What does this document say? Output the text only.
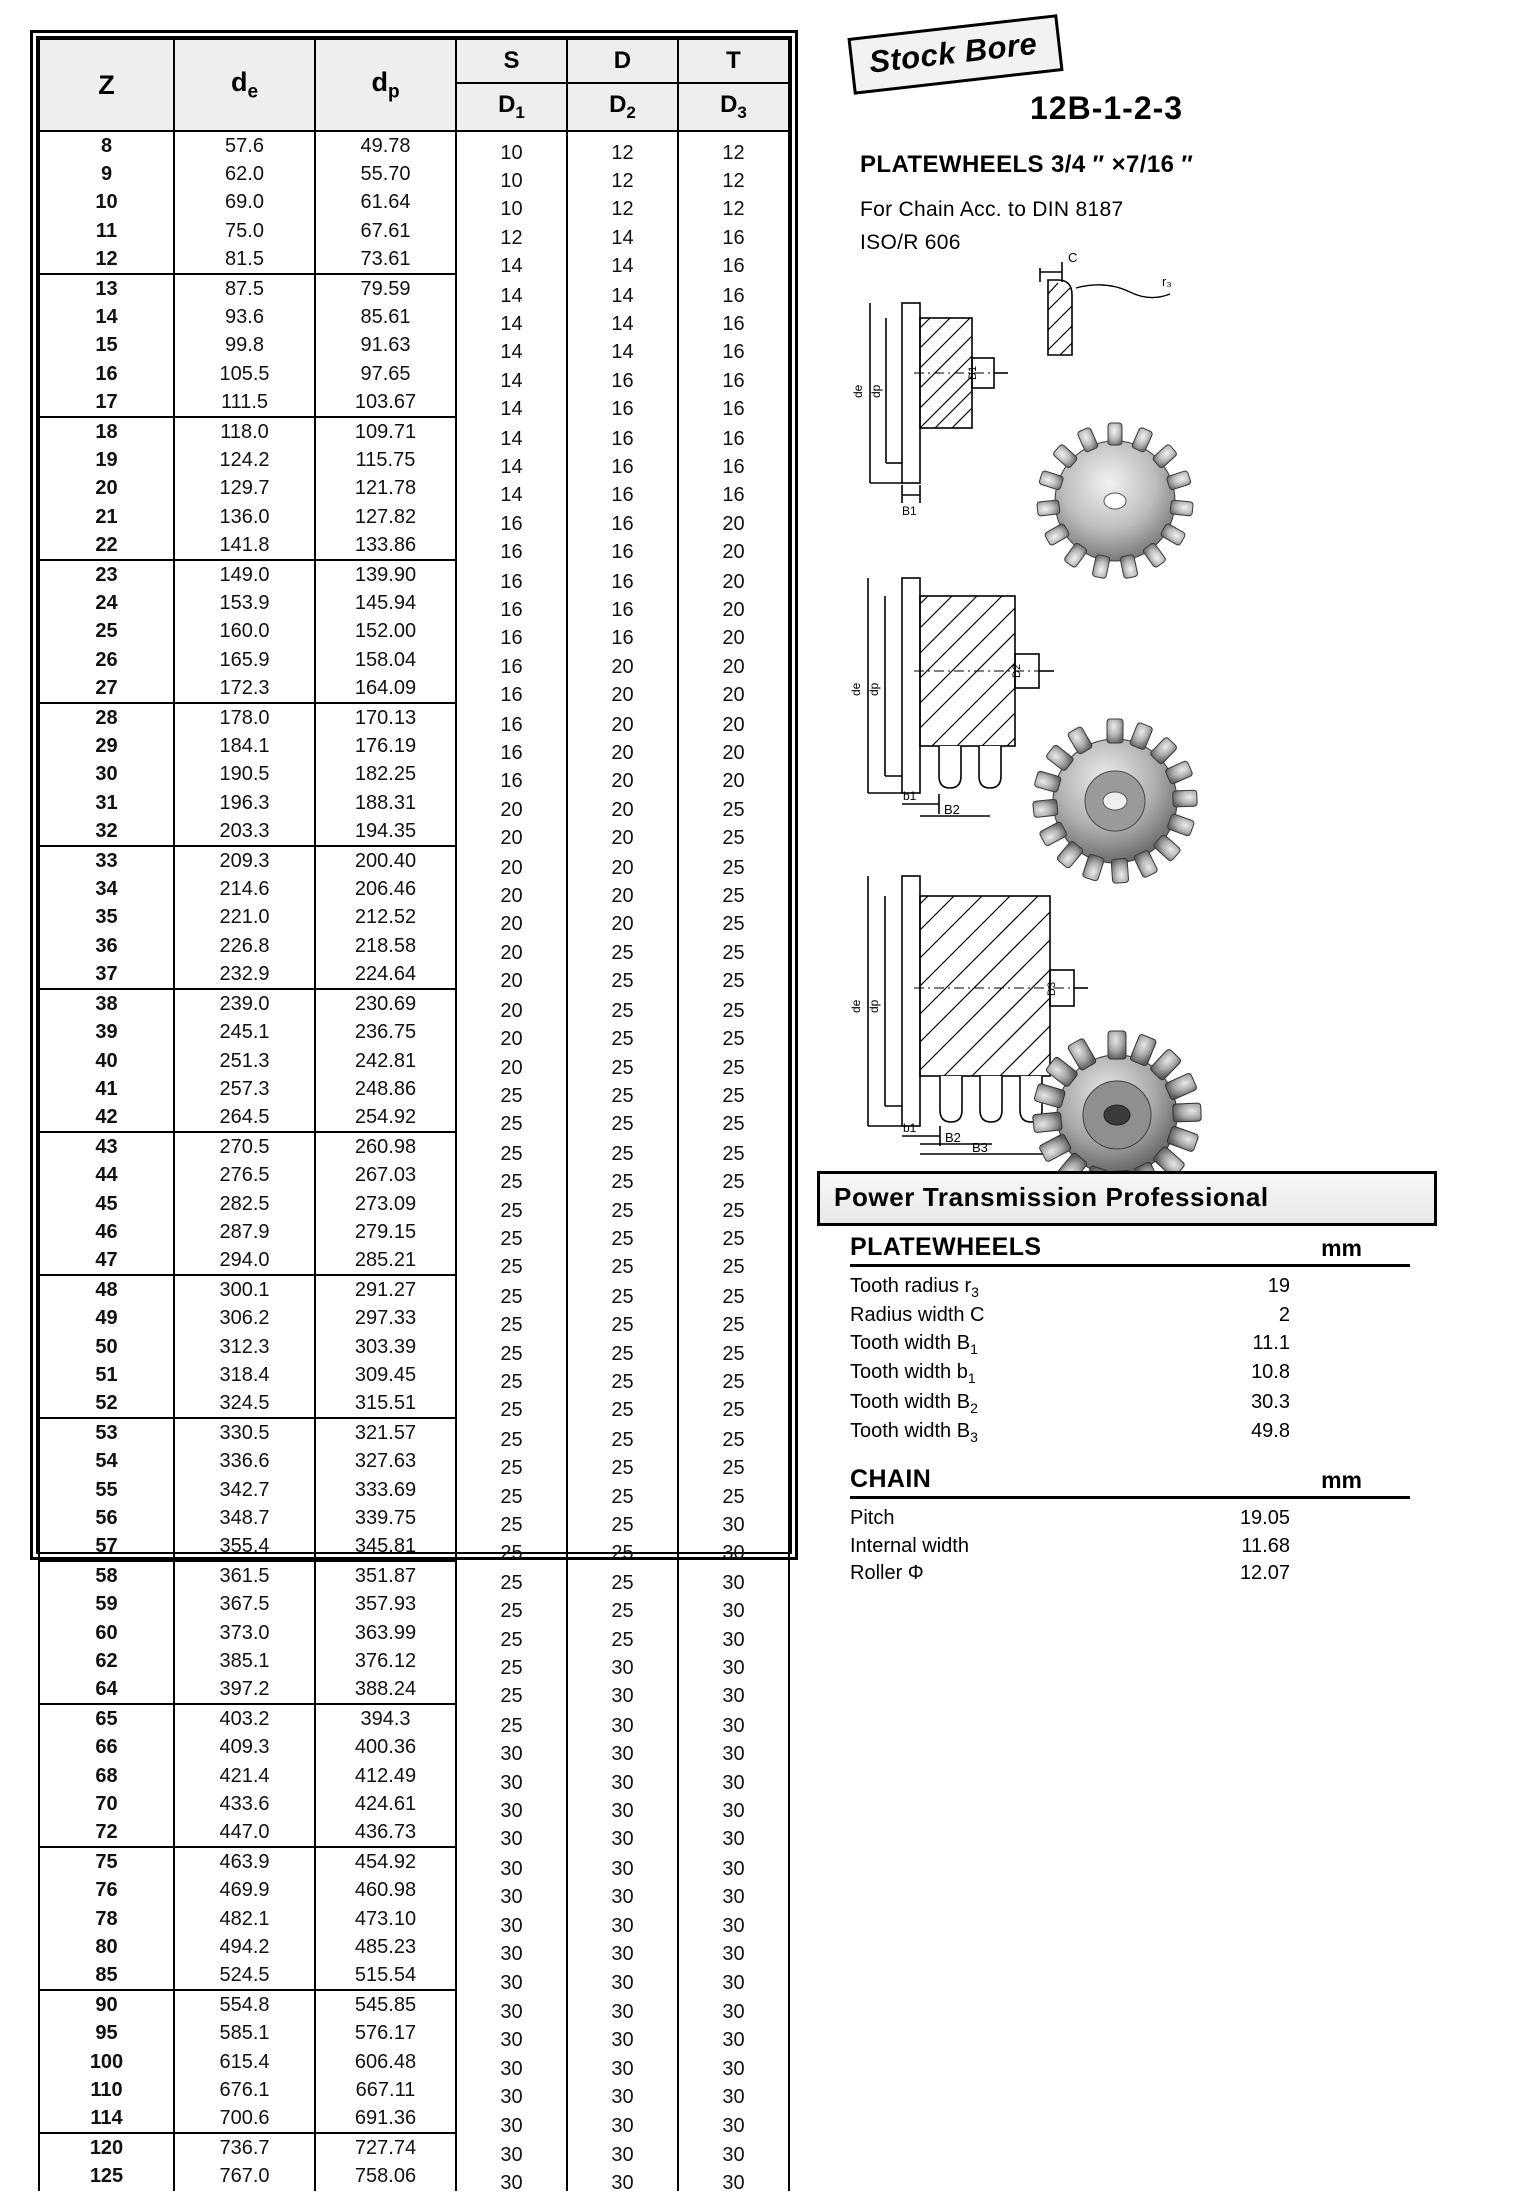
Z	$d_e$	$d_p$	S	D	T
			$D_1$	$D_2$	$D_3$
8	57.6	49.78	10	12	12
9	62.0	55.70	10	12	12
10	69.0	61.64	10	12	12
11	75.0	67.61	12	14	16
12	81.5	73.61	14	14	16
13	87.5	79.59	14	14	16
14	93.6	85.61	14	14	16
15	99.8	91.63	14	14	16
16	105.5	97.65	14	16	16
17	111.5	103.67	14	16	16
18	118.0	109.71	14	16	16
19	124.2	115.75	14	16	16
20	129.7	121.78	14	16	16
21	136.0	127.82	16	16	20
22	141.8	133.86	16	16	20
23	149.0	139.90	16	16	20
24	153.9	145.94	16	16	20
25	160.0	152.00	16	16	20
26	165.9	158.04	16	20	20
27	172.3	164.09	16	20	20
28	178.0	170.13	16	20	20
29	184.1	176.19	16	20	20
30	190.5	182.25	16	20	20
31	196.3	188.31	20	20	25
32	203.3	194.35	20	20	25
33	209.3	200.40	20	20	25
34	214.6	206.46	20	20	25
35	221.0	212.52	20	20	25
36	226.8	218.58	20	25	25
37	232.9	224.64	20	25	25
38	239.0	230.69	20	25	25
39	245.1	236.75	20	25	25
40	251.3	242.81	20	25	25
41	257.3	248.86	25	25	25
42	264.5	254.92	25	25	25
43	270.5	260.98	25	25	25
44	276.5	267.03	25	25	25
45	282.5	273.09	25	25	25
46	287.9	279.15	25	25	25
47	294.0	285.21	25	25	25
48	300.1	291.27	25	25	25
49	306.2	297.33	25	25	25
50	312.3	303.39	25	25	25
51	318.4	309.45	25	25	25
52	324.5	315.51	25	25	25
53	330.5	321.57	25	25	25
54	336.6	327.63	25	25	25
55	342.7	333.69	25	25	25
56	348.7	339.75	25	25	30
57	355.4	345.81	25	25	30
58	361.5	351.87	25	25	30
59	367.5	357.93	25	25	30
60	373.0	363.99	25	25	30
62	385.1	376.12	25	30	30
64	397.2	388.24	25	30	30
65	403.2	394.3	25	30	30
66	409.3	400.36	30	30	30
68	421.4	412.49	30	30	30
70	433.6	424.61	30	30	30
72	447.0	436.73	30	30	30
75	463.9	454.92	30	30	30
76	469.9	460.98	30	30	30
78	482.1	473.10	30	30	30
80	494.2	485.23	30	30	30
85	524.5	515.54	30	30	30
90	554.8	545.85	30	30	30
95	585.1	576.17	30	30	30
100	615.4	606.48	30	30	30
110	676.1	667.11	30	30	30
114	700.6	691.36	30	30	30
120	736.7	727.74	30	30	30
125	767.0	758.06	30	30	30
Stock Bore
12B-1-2-3
PLATEWHEELS 3/4 ″ ×7/16 ″
For Chain Acc. to DIN 8187
ISO/R 606
de dp
D1
B1
C
r₃
de dp
D2
b1
B2
de dp
D3
b1
B2
B3
Power Transmission Professional
PLATEWHEELS	mm
Tooth radius $r_3$	19
Radius width C	2
Tooth width $B_1$	11.1
Tooth width $b_1$	10.8
Tooth width $B_2$	30.3
Tooth width $B_3$	49.8
CHAIN	mm
Pitch	19.05
Internal width	11.68
Roller Φ	12.07
